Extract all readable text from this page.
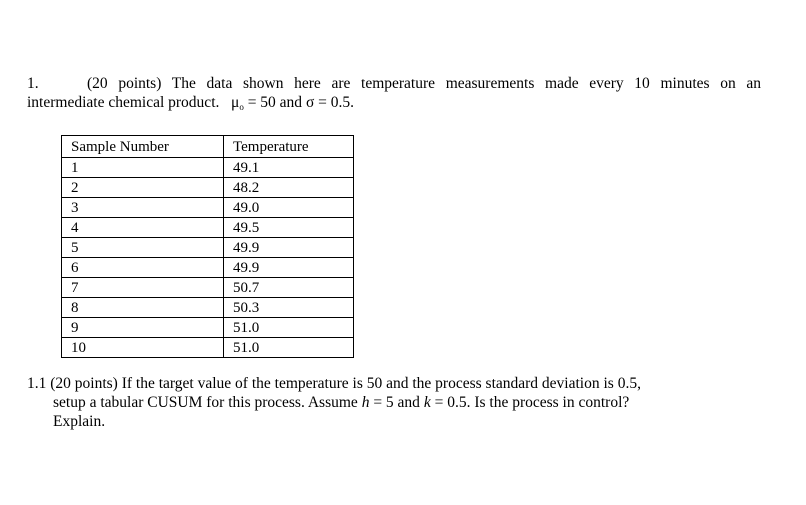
1.	(20 points) The data shown here are temperature measurements made every 10 minutes on an
intermediate chemical product. μo = 50 and σ = 0.5.
Sample Number	Temperature
1	49.1
2	48.2
3	49.0
4	49.5
5	49.9
6	49.9
7	50.7
8	50.3
9	51.0
10	51.0
1.1 (20 points) If the target value of the temperature is 50 and the process standard deviation is 0.5,
setup a tabular CUSUM for this process. Assume h = 5 and k = 0.5. Is the process in control?
Explain.
